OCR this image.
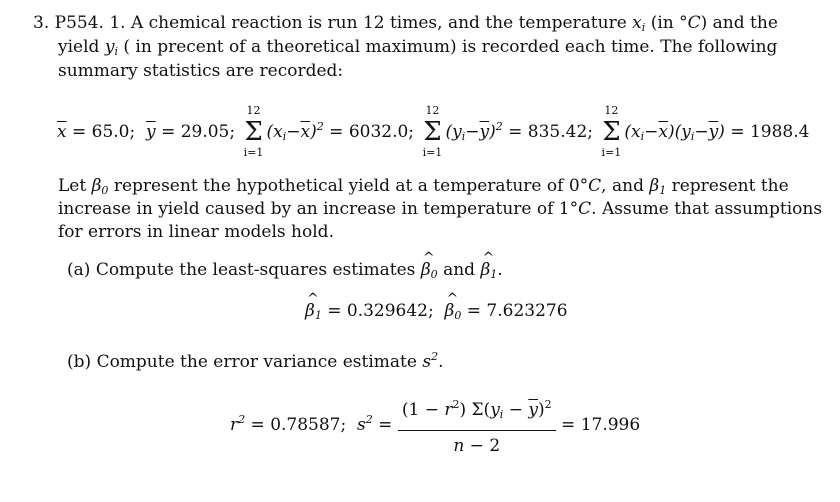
3. P554. 1. A chemical reaction is run 12 times, and the temperature $x_i$ (in °C) and the
yield $y_i$ ( in precent of a theoretical maximum) is recorded each time. The following
summary statistics are recorded:
$\overline{x} = 65.0$; $\overline{y} = 29.05$;
12
Σ
i=1
$(x_i-\overline{x})^2 = 6032.0$;
12
Σ
i=1
$(y_i-\overline{y})^2 = 835.42$;
12
Σ
i=1
$(x_i-\overline{x})(y_i-\overline{y}) = 1988.4$
Let $\beta_0$ represent the hypothetical yield at a temperature of 0°C, and $\beta_1$ represent the
increase in yield caused by an increase in temperature of 1°C. Assume that assumptions
for errors in linear models hold.
(a) Compute the least-squares estimates ^ $\beta_0$ and ^ $\beta_1$.
^ $\beta_1 = 0.329642$; ^ $\beta_0 = 7.623276$
(b) Compute the error variance estimate $s^2$.
$r^2 = 0.78587$; $s^2 = \frac{(1 - r^2) \Sigma(y_i - \overline{y})^2}{n - 2} = 17.996$
